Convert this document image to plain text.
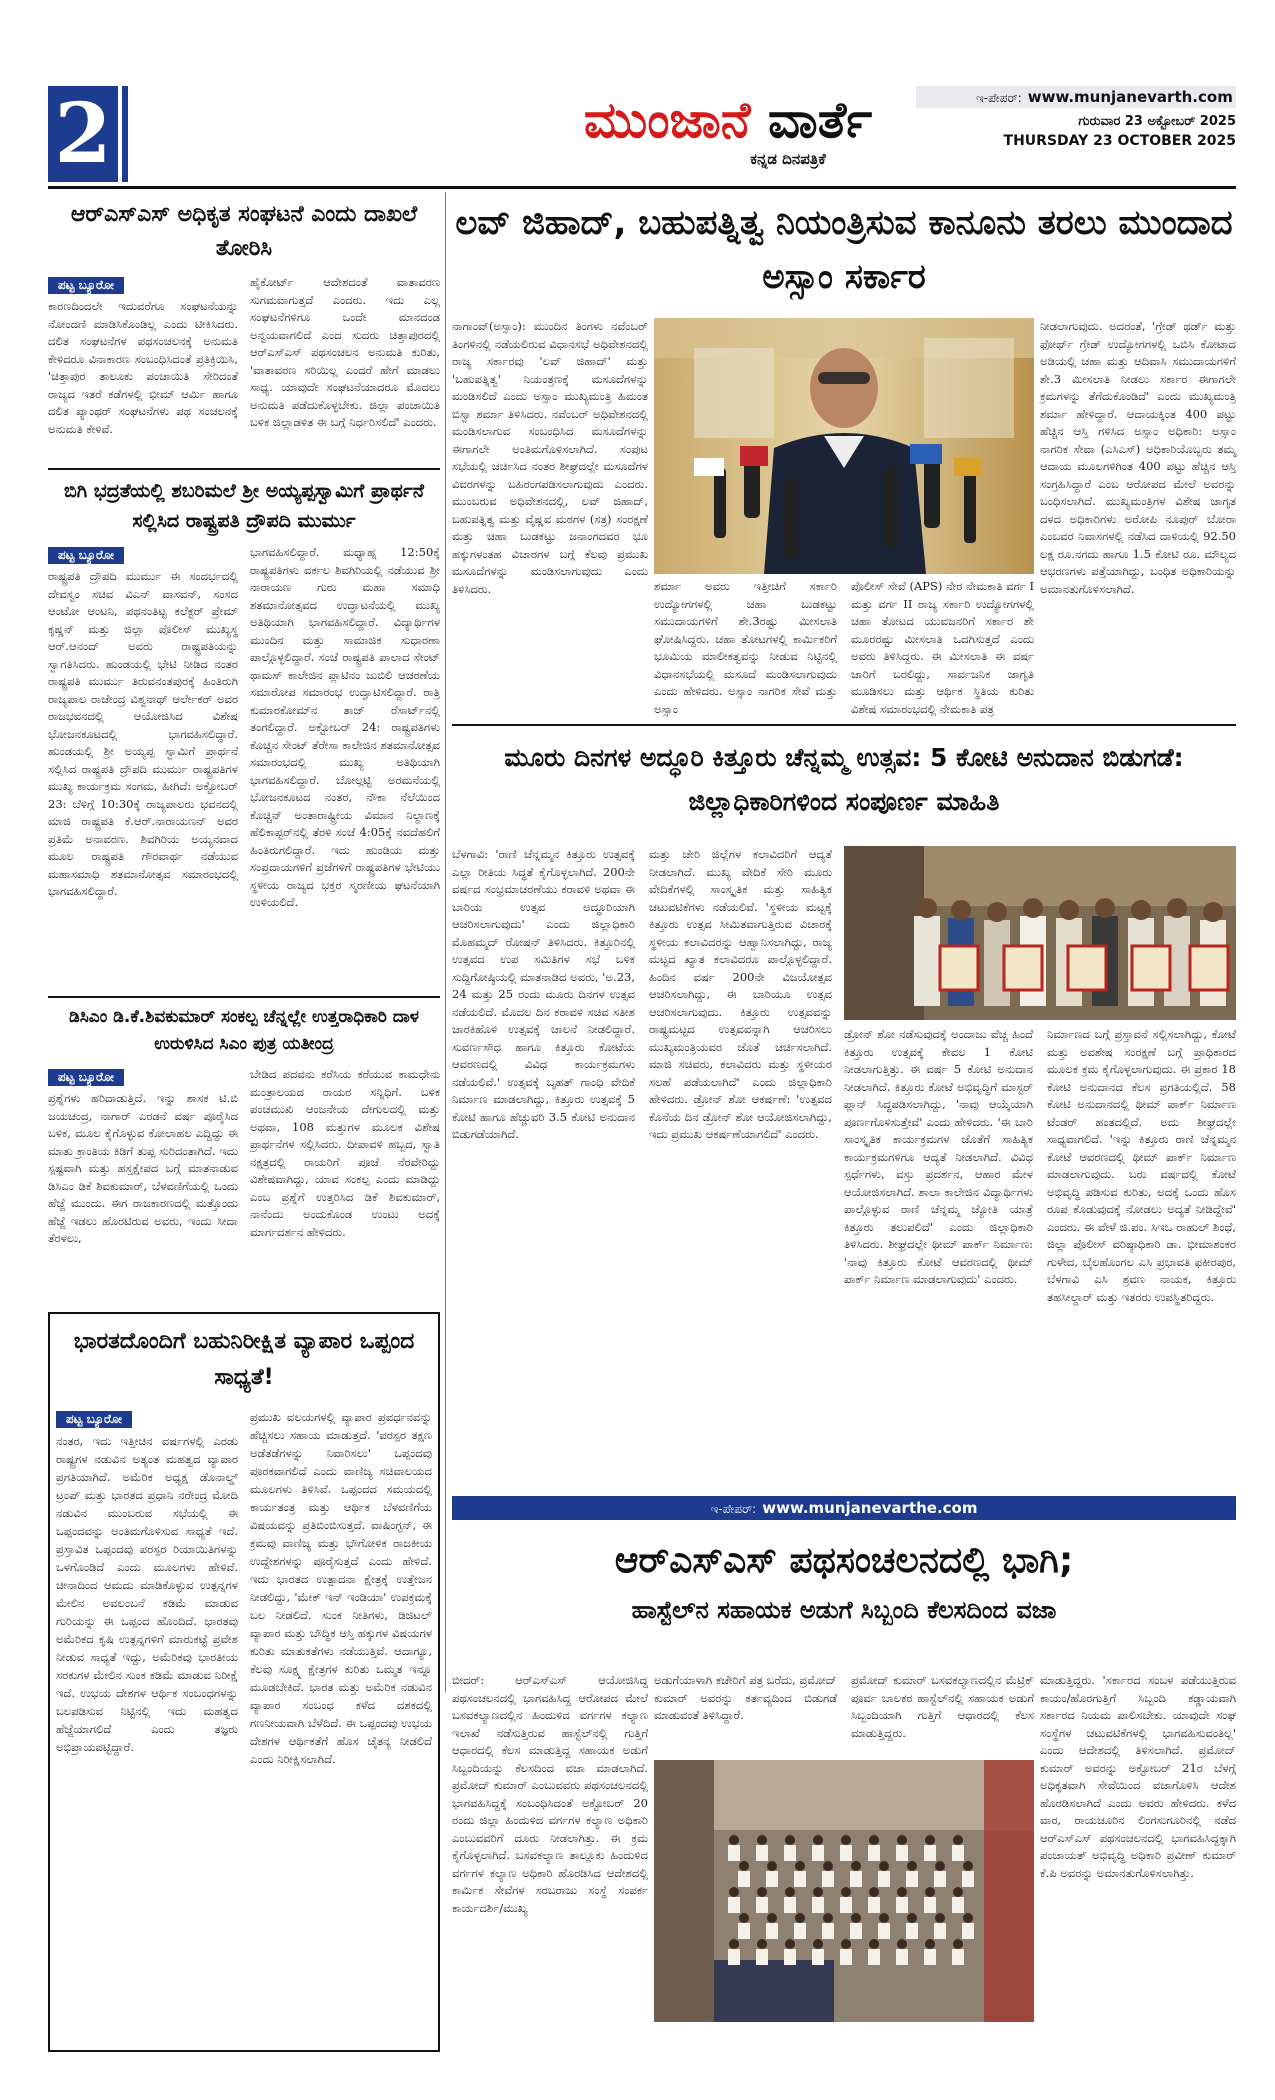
2	ಮುಂಜಾನೆ ವಾರ್ತೆ
ಕನ್ನಡ ದಿನಪತ್ರಿಕೆ
ಇ-ಪೇಪರ್: www.munjanevarth.com
ಗುರುವಾರ 23 ಅಕ್ಟೋಬರ್ 2025
THURSDAY 23 OCTOBER 2025
ಆರ್‌ಎಸ್‌ಎಸ್ ಅಧಿಕೃತ ಸಂಘಟನೆ ಎಂದು ದಾಖಲೆ ತೋರಿಸಿ
ಪಟ್ಟ ಬ್ಯೂರೋ
ಕಾರಣದಿಂದಲೇ ಇದುವರೆಗೂ ಸಂಘಟನೆಯನ್ನು ನೋಂದಣಿ ಮಾಡಿಸಿಕೊಂಡಿಲ್ಲ ಎಂದು ಟೀಕಿಸಿದರು. ದಲಿತ ಸಂಘಟನೆಗಳ ಪಥಸಂಚಲನಕ್ಕೆ ಅನುಮತಿ ಕೇಳಿದರೂ ವಿನಾಕಾರಣ ಸಂಬಂಧಿಸಿದಂತೆ ಪ್ರತಿಕ್ರಿಯಿಸಿ, 'ಚಿತ್ತಾಪುರ ತಾಲೂಕು ಪಂಚಾಯಿತಿ ಸೇರಿದಂತೆ ರಾಜ್ಯದ ಇತರೆ ಕಡೆಗಳಲ್ಲಿ ಭೀಮ್ ಆರ್ಮಿ ಹಾಗೂ ದಲಿತ ಪ್ಯಾಂಥರ್ ಸಂಘಟನೆಗಳು ಪಥ ಸಂಚಲನಕ್ಕೆ ಅನುಮತಿ ಕೇಳಿವೆ.
ಹೈಕೋರ್ಟ್ ಆದೇಶದಂತೆ ವಾತಾವರಣ ಸುಗಮವಾಗುತ್ತದೆ ಎಂದರು. ಇದು ಎಲ್ಲ ಸಂಘಟನೆಗಳಿಗೂ ಒಂದೇ ಮಾನದಂಡ ಅನ್ವಯವಾಗಲಿದೆ ಎಂದ ಸುದರು ಚಿತ್ತಾಪುರದಲ್ಲಿ ಆರ್‌ಎಸ್‌ಎಸ್ ಪಥಸಂಚಲನ ಅನುಮತಿ ಕುರಿತು, 'ವಾತಾವರಣ ಸರಿಯಿಲ್ಲ ಎಂದರೆ ಹೇಗೆ ಮಾಡಲು ಸಾಧ್ಯ. ಯಾವುದೇ ಸಂಘಟನೆಯಾದರೂ ಮೊದಲು ಅನುಮತಿ ಪಡೆದುಕೊಳ್ಳಬೇಕು. ಜಿಲ್ಲಾ ಪಂಚಾಯಿತಿ ಬಳಿಕ ಜಿಲ್ಲಾಡಳಿತ ಈ ಬಗ್ಗೆ ನಿರ್ಧರಿಸಲಿದೆ' ಎಂದರು.
ಬಿಗಿ ಭದ್ರತೆಯಲ್ಲಿ ಶಬರಿಮಲೆ ಶ್ರೀ ಅಯ್ಯಪ್ಪಸ್ವಾಮಿಗೆ ಪ್ರಾರ್ಥನೆ ಸಲ್ಲಿಸಿದ ರಾಷ್ಟ್ರಪತಿ ದ್ರೌಪದಿ ಮುರ್ಮು
ಪಟ್ಟ ಬ್ಯೂರೋ
ರಾಷ್ಟ್ರಪತಿ ದ್ರೌಪದಿ ಮುರ್ಮು ಈ ಸಂದರ್ಭದಲ್ಲಿ ದೇವಸ್ವಂ ಸಚಿವ ವಿಎನ್ ವಾಸವನ್, ಸಂಸದ ಆಂಟೋ ಆಂಟನಿ, ಪಥನಂತಿಟ್ಟ ಕಲೆಕ್ಟರ್ ಪ್ರೇಮ್ ಕೃಷ್ಣನ್ ಮತ್ತು ಜಿಲ್ಲಾ ಪೊಲೀಸ್ ಮುಖ್ಯಸ್ಥ ಆರ್.ಆನಂದ್ ಅವರು ರಾಷ್ಟ್ರಪತಿಯನ್ನು ಸ್ವಾಗತಿಸಿದರು. ಹುಂಡಯಲ್ಲಿ ಭೇಟಿ ನೀಡಿದ ನಂತರ ರಾಷ್ಟ್ರಪತಿ ಮುರ್ಮು ತಿರುವನಂತಪುರಕ್ಕೆ ಹಿಂತಿರುಗಿ ರಾಜ್ಯಪಾಲ ರಾಜೇಂದ್ರ ವಿಶ್ವನಾಥ್ ಆರ್ಲೇಕರ್ ಅವರ ರಾಜಭವನದಲ್ಲಿ ಆಯೋಜಿಸಿದ ವಿಶೇಷ ಭೋಜನಕೂಟದಲ್ಲಿ ಭಾಗವಹಿಸಲಿದ್ದಾರೆ. ಹುಂಡಯಲ್ಲಿ ಶ್ರೀ ಅಯ್ಯಪ್ಪ ಸ್ವಾಮಿಗೆ ಪ್ರಾರ್ಥನೆ ಸಲ್ಲಿಸಿದ ರಾಷ್ಟ್ರಪತಿ ದ್ರೌಪದಿ ಮುರ್ಮು ರಾಷ್ಟ್ರಪತಿಗಳ ಮುಖ್ಯ ಕಾರ್ಯಕ್ರಮ ಸಂಗಮ, ಹೀಗಿದೆ: ಅಕ್ಟೋಬರ್ 23: ಬೆಳಿಗ್ಗೆ 10:30ಕ್ಕೆ ರಾಜ್ಯಪಾಲರು ಭವನದಲ್ಲಿ ಮಾಜಿ ರಾಷ್ಟ್ರಪತಿ ಕೆ.ಆರ್.ನಾರಾಯಣನ್ ಅವರ ಪ್ರತಿಮೆ ಅನಾವರಣ. ಶಿವಗಿರಿಯ ಅಯ್ಯನವಾದ ಮೂಲ ರಾಷ್ಟ್ರಪತಿ ಗೌರವಾರ್ಥ ನಡೆಯುವ ಮಹಾಸಮಾಧಿ ಶತಮಾನೋತ್ಸವ ಸಮಾರಂಭದಲ್ಲಿ ಭಾಗವಹಿಸಲಿದ್ದಾರೆ.
ಭಾಗವಹಿಸಲಿದ್ದಾರೆ. ಮಧ್ಯಾಹ್ನ 12:50ಕ್ಕೆ ರಾಷ್ಟ್ರಪತಿಗಳು ವರ್ಕಲ ಶಿವಗಿರಿಯಲ್ಲಿ ನಡೆಯುವ ಶ್ರೀ ನಾರಾಯಣ ಗುರು ಮಹಾ ಸಮಾಧಿ ಶತಮಾನೋತ್ಸವದ ಉದ್ಘಾಟನೆಯಲ್ಲಿ ಮುಖ್ಯ ಅತಿಥಿಯಾಗಿ ಭಾಗವಹಿಸಲಿದ್ದಾರೆ. ವಿದ್ಯಾರ್ಥಿಗಳ ಮುಂದಿನ ಮತ್ತು ಸಾಮಾಜಿಕ ಸುಧಾರಣಾ ಪಾಲ್ಗೊಳ್ಳಲಿದ್ದಾರೆ. ಸಂಜೆ ರಾಷ್ಟ್ರಪತಿ ಪಾಲಾದ ಸೇಂಟ್ ಥಾಮಸ್ ಕಾಲೇಜಿನ ಪ್ಲಾಟಿನಂ ಜುಬಿಲಿ ಆಚರಣೆಯ ಸಮಾರೋಪ ಸಮಾರಂಭ ಉದ್ಘಾಟಿಸಲಿದ್ದಾರೆ. ರಾತ್ರಿ ಕುಮಾರಕೋಮ್‌ನ ತಾಜ್ ರೆಸಾರ್ಟ್‌ನಲ್ಲಿ ತಂಗಲಿದ್ದಾರೆ. ಅಕ್ಟೋಬರ್ 24: ರಾಷ್ಟ್ರಪತಿಗಳು ಕೊಚ್ಚಿನ ಸೇಂಟ್ ತೆರೇಸಾ ಕಾಲೇಜಿನ ಶತಮಾನೋತ್ಸವ ಸಮಾರಂಭದಲ್ಲಿ ಮುಖ್ಯ ಅತಿಥಿಯಾಗಿ ಭಾಗವಹಿಸಲಿದ್ದಾರೆ. ಬೋಲ್ಗಟ್ಟಿ ಅರಮನೆಯಲ್ಲಿ ಭೋಜನಕೂಟದ ನಂತರ, ನೌಕಾ ನೆಲೆಯಿಂದ ಕೊಚ್ಚಿನ್ ಅಂತಾರಾಷ್ಟ್ರೀಯ ವಿಮಾನ ನಿಲ್ದಾಣಕ್ಕೆ ಹೆಲಿಕಾಪ್ಟರ್‌ನಲ್ಲಿ ತೆರಳಿ ಸಂಜೆ 4:05ಕ್ಕೆ ನವದೆಹಲಿಗೆ ಹಿಂತಿರುಗಲಿದ್ದಾರೆ. ಇದು ಹುಂಡಿಯ ಮತ್ತು ಸಂಪ್ರದಾಯಗಳಿಗೆ ಪ್ರಜೆಗಳಿಗೆ ರಾಷ್ಟ್ರಪತಿಗಳ ಭೇಟಿಯು ಸ್ಥಳೀಯ ರಾಜ್ಯದ ಭಕ್ತರ ಸ್ಮರಣೀಯ ಘಟನೆಯಾಗಿ ಉಳಿಯಲಿದೆ.
ಡಿಸಿಎಂ ಡಿ.ಕೆ.ಶಿವಕುಮಾರ್ ಸಂಕಲ್ಪ ಚೆನ್ನಲ್ಲೇ ಉತ್ತರಾಧಿಕಾರಿ ದಾಳ ಉರುಳಿಸಿದ ಸಿಎಂ ಪುತ್ರ ಯತೀಂದ್ರ
ಪಟ್ಟ ಬ್ಯೂರೋ
ಪ್ರಶ್ನೆಗಳು ಹರಿದಾಡುತ್ತಿದೆ. ಇನ್ನು ಶಾಸಕ ಟಿ.ಬಿ ಜಯಚಂದ್ರ, ನಾಗಾರ್ ಎರಡನೆ ವರ್ಷ ಪೂರೈಸಿದ ಬಳಿಕ, ಮೂಲ ಕೈಗೊಳ್ಳುವ ಕೋಲಾಹಲ ಎದ್ದಿದ್ದು ಈ ಮಾತು ಕ್ರಾಂತಿಯ ಕಿಡಿಗೆ ತುಪ್ಪ ಸುರಿದಂತಾಗಿದೆ. ಇದು ಸ್ಪಷ್ಟವಾಗಿ ಮತ್ತು ಹಸ್ತಕ್ಷೇಪದ ಬಗ್ಗೆ ಮಾತನಾಡುವ ಡಿಸಿಎಂ ಡಿಕೆ ಶಿವಕುಮಾರ್, ಬೆಳವಣಿಗೆಯಲ್ಲಿ ಒಂದು ಹೆಜ್ಜೆ ಮುಂದು. ಈಗ ರಾಜಕಾರಣದಲ್ಲಿ ಮತ್ತೊಂದು ಹೆಜ್ಜೆ ಇಡಲು ಹೊರಟಿರುವ ಅವರು, ಇಂದು ಸೀದಾ ತೆರಳಲು,
ಬೇಡಿದ ಪದವನು ಕರೆಸಿಯ ಕರೆಯುವ ಕಾಮಧೇನು ಮಂತ್ರಾಲಯದ ರಾಯರ ಸನ್ನಿಧಿಗೆ. ಬಳಿಕ ಪಂಚಮುಖಿ ಆಂಜನೇಯ ದೇಗುಲದಲ್ಲಿ ಮತ್ತು ಅಥವಾ, 108 ಮತ್ತುಗಳ ಮೂಲಕ ವಿಶೇಷ ಪ್ರಾರ್ಥನೆಗಳ ಸಲ್ಲಿಸಿದರು. ದೀಪಾವಳಿ ಹಬ್ಬದ, ಸ್ವಾತಿ ನಕ್ಷತ್ರದಲ್ಲಿ ರಾಯರಿಗೆ ಪೂಜೆ ನೆರವೇರಿದ್ದು ವಿಶೇಷವಾಗಿದ್ದು, ಯಾವ ಸಂಕಲ್ಪ ಎಂದು ಮಾಡಿದ್ದು ಎಂಬ ಪ್ರಶ್ನೆಗೆ ಉತ್ತರಿಸಿದ ಡಿಕೆ ಶಿವಕುಮಾರ್, ನಾನೆಂದು ಅಂದುಕೊಂಡ ಉಂಟು ಅದಕ್ಕೆ ಮಾರ್ಗದರ್ಶನ ಹೇಳಿದರು.
ಭಾರತದೊಂದಿಗೆ ಬಹುನಿರೀಕ್ಷಿತ ವ್ಯಾಪಾರ ಒಪ್ಪಂದ ಸಾಧ್ಯತೆ!
ಪಟ್ಟ ಬ್ಯೂರೋ
ನಂತರ, ಇದು ಇತ್ತೀಚಿನ ವರ್ಷಗಳಲ್ಲಿ ಎರಡು ರಾಷ್ಟ್ರಗಳ ನಡುವಿನ ಅತ್ಯಂತ ಮಹತ್ವದ ವ್ಯಾಪಾರ ಪ್ರಗತಿಯಾಗಿದೆ. ಅಮೆರಿಕ ಅಧ್ಯಕ್ಷ ಡೊನಾಲ್ಡ್ ಟ್ರಂಪ್ ಮತ್ತು ಭಾರತದ ಪ್ರಧಾನಿ ನರೇಂದ್ರ ಮೋದಿ ನಡುವಿನ ಮುಂಬರುವ ಸಭೆಯಲ್ಲಿ ಈ ಒಪ್ಪಂದವನ್ನು ಅಂತಿಮಗೊಳಿಸುವ ಸಾಧ್ಯತೆ ಇದೆ. ಪ್ರಸ್ತಾವಿತ ಒಪ್ಪಂದವು ಪರಸ್ಪರ ರಿಯಾಯಿತಿಗಳನ್ನು ಒಳಗೊಂಡಿದೆ ಎಂದು ಮೂಲಗಳು ಹೇಳಿವೆ. ಚೀನಾದಿಂದ ಆಮದು ಮಾಡಿಕೊಳ್ಳುವ ಉತ್ಪನ್ನಗಳ ಮೇಲಿನ ಅವಲಂಬನೆ ಕಡಿಮೆ ಮಾಡುವ ಗುರಿಯನ್ನು ಈ ಒಪ್ಪಂದ ಹೊಂದಿದೆ. ಭಾರತವು ಅಮೆರಿಕದ ಕೃಷಿ ಉತ್ಪನ್ನಗಳಿಗೆ ಮಾರುಕಟ್ಟೆ ಪ್ರವೇಶ ನೀಡುವ ಸಾಧ್ಯತೆ ಇದ್ದು, ಅಮೆರಿಕವು ಭಾರತೀಯ ಸರಕುಗಳ ಮೇಲಿನ ಸುಂಕ ಕಡಿಮೆ ಮಾಡುವ ನಿರೀಕ್ಷೆ ಇದೆ. ಉಭಯ ದೇಶಗಳ ಆರ್ಥಿಕ ಸಂಬಂಧಗಳನ್ನು ಬಲಪಡಿಸುವ ನಿಟ್ಟಿನಲ್ಲಿ ಇದು ಮಹತ್ವದ ಹೆಜ್ಜೆಯಾಗಲಿದೆ ಎಂದು ತಜ್ಞರು ಅಭಿಪ್ರಾಯಪಟ್ಟಿದ್ದಾರೆ.
ಪ್ರಮುಖ ವಲಯಗಳಲ್ಲಿ ವ್ಯಾಪಾರ ಪ್ರವರ್ಧನವನ್ನು ಹೆಚ್ಚಿಸಲು ಸಹಾಯ ಮಾಡುತ್ತದೆ. 'ಪರಸ್ಪರ ತಕ್ಷಣ ಅಡೆತಡೆಗಳನ್ನು ನಿವಾರಿಸಲು' ಒಪ್ಪಂದವು ಪೂರಕವಾಗಲಿದೆ ಎಂದು ವಾಣಿಜ್ಯ ಸಚಿವಾಲಯದ ಮೂಲಗಳು ತಿಳಿಸಿವೆ. ಒಪ್ಪಂದದ ಸಮಯದಲ್ಲಿ ಕಾರ್ಯತಂತ್ರ ಮತ್ತು ಆರ್ಥಿಕ ಬೆಳವಣಿಗೆಯ ವಿಷಯವನ್ನು ಪ್ರತಿಬಿಂಬಿಸುತ್ತದೆ. ವಾಷಿಂಗ್ಟನ್, ಈ ಕ್ರಮವು ವಾಣಿಜ್ಯ ಮತ್ತು ಭೌಗೋಳಿಕ ರಾಜಕೀಯ ಉದ್ದೇಶಗಳನ್ನು ಪೂರೈಸುತ್ತದೆ ಎಂದು ಹೇಳಿದೆ. ಇದು ಭಾರತದ ಉತ್ಪಾದನಾ ಕ್ಷೇತ್ರಕ್ಕೆ ಉತ್ತೇಜನ ನೀಡಲಿದ್ದು, 'ಮೇಕ್ ಇನ್ ಇಂಡಿಯಾ' ಉಪಕ್ರಮಕ್ಕೆ ಬಲ ನೀಡಲಿದೆ. ಸುಂಕ ನೀತಿಗಳು, ಡಿಜಿಟಲ್ ವ್ಯಾಪಾರ ಮತ್ತು ಬೌದ್ಧಿಕ ಆಸ್ತಿ ಹಕ್ಕುಗಳ ವಿಷಯಗಳ ಕುರಿತು ಮಾತುಕತೆಗಳು ನಡೆಯುತ್ತಿವೆ. ಆದಾಗ್ಯೂ, ಕೆಲವು ಸೂಕ್ಷ್ಮ ಕ್ಷೇತ್ರಗಳ ಕುರಿತು ಒಮ್ಮತ ಇನ್ನೂ ಮೂಡಬೇಕಿದೆ. ಭಾರತ ಮತ್ತು ಅಮೆರಿಕ ನಡುವಿನ ವ್ಯಾಪಾರ ಸಂಬಂಧ ಕಳೆದ ದಶಕದಲ್ಲಿ ಗಣನೀಯವಾಗಿ ಬೆಳೆದಿದೆ. ಈ ಒಪ್ಪಂದವು ಉಭಯ ದೇಶಗಳ ಆರ್ಥಿಕತೆಗೆ ಹೊಸ ಚೈತನ್ಯ ನೀಡಲಿದೆ ಎಂದು ನಿರೀಕ್ಷಿಸಲಾಗಿದೆ.
ಲವ್ ಜಿಹಾದ್, ಬಹುಪತ್ನಿತ್ವ ನಿಯಂತ್ರಿಸುವ ಕಾನೂನು ತರಲು ಮುಂದಾದ ಅಸ್ಸಾಂ ಸರ್ಕಾರ
ನಾಗಾಂವ್(ಅಸ್ಸಾಂ): ಮುಂದಿನ ತಿಂಗಳು ನವೆಂಬರ್ ತಿಂಗಳಿನಲ್ಲಿ ನಡೆಯಲಿರುವ ವಿಧಾನಸಭೆ ಅಧಿವೇಶನದಲ್ಲಿ ರಾಜ್ಯ ಸರ್ಕಾರವು 'ಲವ್ ಜಿಹಾದ್' ಮತ್ತು 'ಬಹುಪತ್ನಿತ್ವ' ನಿಯಂತ್ರಣಕ್ಕೆ ಮಸೂದೆಗಳನ್ನು ಮಂಡಿಸಲಿದೆ ಎಂದು ಅಸ್ಸಾಂ ಮುಖ್ಯಮಂತ್ರಿ ಹಿಮಂತ ಬಿಸ್ವಾ ಶರ್ಮಾ ತಿಳಿಸಿದರು. ನವೆಂಬರ್ ಅಧಿವೇಶನದಲ್ಲಿ ಮಂಡಿಸಲಾಗುವ ಸಂಬಂಧಿಸಿದ ಮಸೂದೆಗಳನ್ನು ಈಗಾಗಲೇ ಅಂತಿಮಗೊಳಿಸಲಾಗಿದೆ. ಸಂಪುಟ ಸಭೆಯಲ್ಲಿ ಚರ್ಚಿಸಿದ ನಂತರ ಶೀಘ್ರದಲ್ಲೇ ಮಸೂದೆಗಳ ವಿವರಗಳನ್ನು ಬಹಿರಂಗಪಡಿಸಲಾಗುವುದು ಎಂದರು. ಮುಂಬರುವ ಅಧಿವೇಶನದಲ್ಲಿ, ಲವ್ ಜಿಹಾದ್, ಬಹುಪತ್ನಿತ್ವ ಮತ್ತು ವೈಷ್ಣವ ಮಠಗಳ (ಸತ್ರ) ಸಂರಕ್ಷಣೆ ಮತ್ತು ಚಹಾ ಬುಡಕಟ್ಟು ಜನಾಂಗದವರ ಭೂ ಹಕ್ಕುಗಳಂತಹ ವಿಚಾರಗಳ ಬಗ್ಗೆ ಕೆಲವು ಪ್ರಮುಖ ಮಸೂದೆಗಳನ್ನು ಮಂಡಿಸಲಾಗುವುದು ಎಂದು ತಿಳಿಸಿದರು.	ಶರ್ಮಾ ಅವರು ಇತ್ತೀಚಿಗೆ ಸರ್ಕಾರಿ ಉದ್ಯೋಗಗಳಲ್ಲಿ ಚಹಾ ಬುಡಕಟ್ಟು ಸಮುದಾಯಗಳಿಗೆ ಶೇ.3ರಷ್ಟು ಮೀಸಲಾತಿ ಘೋಷಿಸಿದ್ದರು. ಚಹಾ ತೋಟಗಳಲ್ಲಿ ಕಾರ್ಮಿಕರಿಗೆ ಭೂಮಿಯ ಮಾಲೀಕತ್ವವನ್ನು ನೀಡುವ ನಿಟ್ಟಿನಲ್ಲಿ ವಿಧಾನಸಭೆಯಲ್ಲಿ ಮಸೂದೆ ಮಂಡಿಸಲಾಗುವುದು ಎಂದು ಹೇಳಿದರು. ಅಸ್ಸಾಂ ನಾಗರಿಕ ಸೇವೆ ಮತ್ತು ಅಸ್ಸಾಂ
ಪೊಲೀಸ್ ಸೇವೆ (APS) ನೇರ ನೇಮಕಾತಿ ವರ್ಗ I ಮತ್ತು ವರ್ಗ II ರಾಜ್ಯ ಸರ್ಕಾರಿ ಉದ್ಯೋಗಗಳಲ್ಲಿ ಚಹಾ ತೋಟದ ಯುವಜನರಿಗೆ ಸರ್ಕಾರ ಶೇ ಮೂರರಷ್ಟು ಮೀಸಲಾತಿ ಒದಗಿಸುತ್ತದೆ ಎಂದು ಅವರು ತಿಳಿಸಿದ್ದರು. ಈ ಮೀಸಲಾತಿ ಈ ವರ್ಷ ಜಾರಿಗೆ ಬರಲಿದ್ದು, ಸಾರ್ವಜನಿಕ ಜಾಗೃತಿ ಮೂಡಿಸಲು ಮತ್ತು ಆರ್ಥಿಕ ಸ್ಥಿತಿಯ ಕುರಿತು ವಿಶೇಷ ಸಮಾರಂಭದಲ್ಲಿ ನೇಮಕಾತಿ ಪತ್ರ
ನೀಡಲಾಗುವುದು. ಅದರಂತೆ, 'ಗ್ರೇಡ್ ಥರ್ಡ್ ಮತ್ತು ಫೋರ್ಥ್ ಗ್ರೇಡ್ ಉದ್ಯೋಗಗಳಲ್ಲಿ ಒಬಿಸಿ ಕೋಟಾದ ಅಡಿಯಲ್ಲಿ ಚಹಾ ಮತ್ತು ಆದಿವಾಸಿ ಸಮುದಾಯಗಳಿಗೆ ಶೇ.3 ಮೀಸಲಾತಿ ನೀಡಲು ಸರ್ಕಾರ ಈಗಾಗಲೇ ಕ್ರಮಗಳನ್ನು ತೆಗೆದುಕೊಂಡಿದೆ' ಎಂದು ಮುಖ್ಯಮಂತ್ರಿ ಶರ್ಮಾ ಹೇಳಿದ್ದಾರೆ. ಆದಾಯಕ್ಕಿಂತ 400 ಪಟ್ಟು ಹೆಚ್ಚಿನ ಆಸ್ತಿ ಗಳಿಸಿದ ಅಸ್ಸಾಂ ಅಧಿಕಾರಿ: ಅಸ್ಸಾಂ ನಾಗರಿಕ ಸೇವಾ (ಎಸಿಎಸ್) ಅಧಿಕಾರಿಯೊಬ್ಬರು ತಮ್ಮ ಆದಾಯ ಮೂಲಗಳಿಗಿಂತ 400 ಪಟ್ಟು ಹೆಚ್ಚಿನ ಆಸ್ತಿ ಸಂಗ್ರಹಿಸಿದ್ದಾರೆ ಎಂಬ ಆರೋಪದ ಮೇಲೆ ಅವರನ್ನು ಬಂಧಿಸಲಾಗಿದೆ. ಮುಖ್ಯಮಂತ್ರಿಗಳ ವಿಶೇಷ ಜಾಗೃತ ದಳದ ಅಧಿಕಾರಿಗಳು ಅರೋಪಿ ನೂಪುರ್ ಬೋರಾ ಎಂಬವರ ನಿವಾಸಗಳಲ್ಲಿ ನಡೆಸಿದ ದಾಳಿಯಲ್ಲಿ 92.50 ಲಕ್ಷ ರೂ.ನಗದು ಹಾಗೂ 1.5 ಕೋಟಿ ರೂ. ಮೌಲ್ಯದ ಆಭರಣಗಳು ಪತ್ತೆಯಾಗಿದ್ದು, ಬಂಧಿತ ಅಧಿಕಾರಿಯನ್ನು ಅಮಾನತುಗೊಳಿಸಲಾಗಿದೆ.
ಮೂರು ದಿನಗಳ ಅದ್ಧೂರಿ ಕಿತ್ತೂರು ಚೆನ್ನಮ್ಮ ಉತ್ಸವ: 5 ಕೋಟಿ ಅನುದಾನ ಬಿಡುಗಡೆ: ಜಿಲ್ಲಾಧಿಕಾರಿಗಳಿಂದ ಸಂಪೂರ್ಣ ಮಾಹಿತಿ
ಬೆಳಗಾವಿ: 'ರಾಣಿ ಚೆನ್ನಮ್ಮನ ಕಿತ್ತೂರು ಉತ್ಸವಕ್ಕೆ ಎಲ್ಲಾ ರೀತಿಯ ಸಿದ್ಧತೆ ಕೈಗೊಳ್ಳಲಾಗಿದೆ. 200ನೇ ವರ್ಷದ ಸಂಭ್ರಮಾಚರಣೆಯು ಕರಾವಳಿ ಅಥವಾ ಈ ಬಾರಿಯ ಉತ್ಸವ ಅದ್ಧೂರಿಯಾಗಿ ಆಚರಿಸಲಾಗುವುದು' ಎಂದು ಜಿಲ್ಲಾಧಿಕಾರಿ ಮೊಹಮ್ಮದ್ ರೋಷನ್ ತಿಳಿಸಿದರು. ಕಿತ್ತೂರಿನಲ್ಲಿ ಉತ್ಸವದ ಉಪ ಸಮಿತಿಗಳ ಸಭೆ ಬಳಿಕ ಸುದ್ದಿಗೋಷ್ಠಿಯಲ್ಲಿ ಮಾತನಾಡಿದ ಅವರು, 'ಅ.23, 24 ಮತ್ತು 25 ರಂದು ಮೂರು ದಿನಗಳ ಉತ್ಸವ ನಡೆಯಲಿದೆ. ಮೊದಲ ದಿನ ಕರಾವಳಿ ಸಚಿವ ಸತೀಶ ಜಾರಕಿಹೊಳಿ ಉತ್ಸವಕ್ಕೆ ಚಾಲನೆ ನೀಡಲಿದ್ದಾರೆ. ಸುವರ್ಣಸೌಧ ಹಾಗೂ ಕಿತ್ತೂರು ಕೋಟೆಯ ಆವರಣದಲ್ಲಿ ವಿವಿಧ ಕಾರ್ಯಕ್ರಮಗಳು ನಡೆಯಲಿವೆ.' ಉತ್ಸವಕ್ಕೆ ಬೃಹತ್ ಗಾಂಧಿ ವೇದಿಕೆ ನಿರ್ಮಾಣ ಮಾಡಲಾಗಿದ್ದು, ಕಿತ್ತೂರು ಉತ್ಸವಕ್ಕೆ 5 ಕೋಟಿ ಹಾಗೂ ಹೆಚ್ಚುವರಿ 3.5 ಕೋಟಿ ಅನುದಾನ ಬಿಡುಗಡೆಯಾಗಿದೆ.
ಮತ್ತು ಚೇರಿ ಜಿಲ್ಲೆಗಳ ಕಲಾವಿದರಿಗೆ ಆದ್ಯತೆ ನೀಡಲಾಗಿದೆ. ಮುಖ್ಯ ವೇದಿಕೆ ಸೇರಿ ಮೂರು ವೇದಿಕೆಗಳಲ್ಲಿ ಸಾಂಸ್ಕೃತಿಕ ಮತ್ತು ಸಾಹಿತ್ಯಿಕ ಚಟುವಟಿಕೆಗಳು ನಡೆಯಲಿವೆ. 'ಸ್ಥಳೀಯ ಮಟ್ಟಕ್ಕೆ ಕಿತ್ತೂರು ಉತ್ಸವ ಸೀಮಿತವಾಗುತ್ತಿರುವ ವಿಚಾರಕ್ಕೆ ಸ್ಥಳೀಯ ಕಲಾವಿದರನ್ನು ಆಹ್ವಾನಿಸಲಾಗಿದ್ದು, ರಾಜ್ಯ ಮಟ್ಟದ ಖ್ಯಾತ ಕಲಾವಿದರೂ ಪಾಲ್ಗೊಳ್ಳಲಿದ್ದಾರೆ. ಹಿಂದಿನ ವರ್ಷ 200ನೇ ವಿಜಯೋತ್ಸವ ಆಚರಿಸಲಾಗಿದ್ದು, ಈ ಬಾರಿಯೂ ಉತ್ಸವ ಆಚರಿಸಲಾಗುವುದು. ಕಿತ್ತೂರು ಉತ್ಸವವನ್ನು ರಾಷ್ಟ್ರಮಟ್ಟದ ಉತ್ಸವವನ್ನಾಗಿ ಆಚರಿಸಲು ಮುಖ್ಯಮಂತ್ರಿಯವರ ಜೊತೆ ಚರ್ಚಿಸಲಾಗಿದೆ. ಮಾಜಿ ಸಚಿವರು, ಕಲಾವಿದರು ಮತ್ತು ಸ್ಥಳೀಯರ ಸಲಹೆ ಪಡೆಯಲಾಗಿದೆ' ಎಂದು ಜಿಲ್ಲಾಧಿಕಾರಿ ಹೇಳಿದರು. ಡ್ರೋನ್ ಶೋ ಆಕರ್ಷಣೆ: 'ಉತ್ಸವದ ಕೊನೆಯ ದಿನ ಡ್ರೋನ್ ಶೋ ಆಯೋಜಿಸಲಾಗಿದ್ದು, ಇದು ಪ್ರಮುಖ ಆಕರ್ಷಣೆಯಾಗಲಿದೆ' ಎಂದರು.
ಡ್ರೋನ್ ಶೋ ನಡೆಸುವುದಕ್ಕೆ ಅಂದಾಜು ವೆಚ್ಚ ಹಿಂದೆ ಕಿತ್ತೂರು ಉತ್ಸವಕ್ಕೆ ಕೇವಲ 1 ಕೋಟಿ ನೀಡಲಾಗುತ್ತಿತ್ತು. ಈ ವರ್ಷ 5 ಕೋಟಿ ಅನುದಾನ ನೀಡಲಾಗಿದೆ. ಕಿತ್ತೂರು ಕೋಟೆ ಅಭಿವೃದ್ಧಿಗೆ ಮಾಸ್ಟರ್ ಪ್ಲಾನ್ ಸಿದ್ಧಪಡಿಸಲಾಗಿದ್ದು, 'ನಾವು ಆಯ್ಕೆಯಾಗಿ ಪೂರ್ಣಗೊಳಿಸುತ್ತೇವೆ' ಎಂದು ಹೇಳಿದರು. 'ಈ ಬಾರಿ ಸಾಂಸ್ಕೃತಿಕ ಕಾರ್ಯಕ್ರಮಗಳ ಜೊತೆಗೆ ಸಾಹಿತ್ಯಿಕ ಕಾರ್ಯಕ್ರಮಗಳಿಗೂ ಆದ್ಯತೆ ನೀಡಲಾಗಿದೆ. ವಿವಿಧ ಸ್ಪರ್ಧೆಗಳು, ವಸ್ತು ಪ್ರದರ್ಶನ, ಆಹಾರ ಮೇಳ ಆಯೋಜಿಸಲಾಗಿದೆ. ಶಾಲಾ ಕಾಲೇಜಿನ ವಿದ್ಯಾರ್ಥಿಗಳು ಪಾಲ್ಗೊಳ್ಳುವ ರಾಣಿ ಚೆನ್ನಮ್ಮ ಜ್ಯೋತಿ ಯಾತ್ರೆ ಕಿತ್ತೂರು ತಲುಪಲಿದೆ' ಎಂದು ಜಿಲ್ಲಾಧಿಕಾರಿ ತಿಳಿಸಿದರು. ಶೀಘ್ರದಲ್ಲೇ ಥೀಮ್ ಪಾರ್ಕ್ ನಿರ್ಮಾಣ: 'ನಾವು ಕಿತ್ತೂರು ಕೋಟೆ ಆವರಣದಲ್ಲಿ ಥೀಮ್ ಪಾರ್ಕ್ ನಿರ್ಮಾಣ ಮಾಡಲಾಗುವುದು' ಎಂದರು.
ನಿರ್ಮಾಣದ ಬಗ್ಗೆ ಪ್ರಸ್ತಾವನೆ ಸಲ್ಲಿಸಲಾಗಿದ್ದು, ಕೋಟೆ ಮತ್ತು ಅವಶೇಷ ಸಂರಕ್ಷಣೆ ಬಗ್ಗೆ ಪ್ರಾಧಿಕಾರದ ಮೂಲಕ ಕ್ರಮ ಕೈಗೊಳ್ಳಲಾಗುವುದು. ಈ ಪ್ರಕಾರ 18 ಕೋಟಿ ಅನುದಾನದ ಕೆಲಸ ಪ್ರಗತಿಯಲ್ಲಿದೆ. 58 ಕೋಟಿ ಅನುದಾನದಲ್ಲಿ ಥೀಮ್ ಪಾರ್ಕ್ ನಿರ್ಮಾಣ ಟೆಂಡರ್ ಹಂತದಲ್ಲಿದೆ. ಅದು ಶೀಘ್ರದಲ್ಲೇ ಸಾಧ್ಯವಾಗಲಿದೆ. 'ಇನ್ನು ಕಿತ್ತೂರು ರಾಣಿ ಚೆನ್ನಮ್ಮನ ಕೋಟೆ ಆವರಣದಲ್ಲಿ ಥೀಮ್ ಪಾರ್ಕ್ ನಿರ್ಮಾಣ ಮಾಡಲಾಗುವುದು. ಬರು ವರ್ಷದಲ್ಲಿ ಕೋಟೆ ಅಭಿವೃದ್ಧಿ ಪಡಿಸುವ ಕುರಿತು, ಅದಕ್ಕೆ ಒಂದು ಹೊಸ ರೂಪ ಕೊಡುವುದಕ್ಕೆ ನೋಡಲು ಅದ್ಯತೆ ನೀಡಿದ್ದೇವೆ' ಎಂದರು. ಈ ವೇಳೆ ಜಿ.ಪಂ. ಸಿಇಒ ರಾಹುಲ್ ಶಿಂಧೆ, ಜಿಲ್ಲಾ ಪೊಲೀಸ್ ವರಿಷ್ಠಾಧಿಕಾರಿ ಡಾ. ಭೀಮಾಶಂಕರ ಗುಳೇದ, ಬೈಲಹೊಂಗಲ ಎಸಿ ಪ್ರಭಾವತಿ ಫಕೀರಪುರ, ಬೆಳಗಾವಿ ಎಸಿ ಶ್ರವಣ ನಾಯಕ, ಕಿತ್ತೂರು ತಹಸೀಲ್ದಾರ್ ಮತ್ತು ಇತರರು ಉಪಸ್ಥಿತರಿದ್ದರು.
ಇ-ಪೇಪರ್: www.munjanevarthe.com
ಆರ್‌ಎಸ್‌ಎಸ್ ಪಥಸಂಚಲನದಲ್ಲಿ ಭಾಗಿ;
ಹಾಸ್ಟೆಲ್‌ನ ಸಹಾಯಕ ಅಡುಗೆ ಸಿಬ್ಬಂದಿ ಕೆಲಸದಿಂದ ವಜಾ
ಬೀದರ್: ಆರ್‌ಎಸ್‌ಎಸ್ ಆಯೋಜಿಸಿದ್ದ ಪಥಸಂಚಲನದಲ್ಲಿ ಭಾಗವಹಿಸಿದ್ದ ಆರೋಪದ ಮೇಲೆ ಬಸವಕಲ್ಯಾಣದಲ್ಲಿನ ಹಿಂದುಳಿದ ವರ್ಗಗಳ ಕಲ್ಯಾಣ ಇಲಾಖೆ ನಡೆಸುತ್ತಿರುವ ಹಾಸ್ಟೆಲ್‌ನಲ್ಲಿ ಗುತ್ತಿಗೆ ಆಧಾರದಲ್ಲಿ ಕೆಲಸ ಮಾಡುತ್ತಿದ್ದ ಸಹಾಯಕ ಅಡುಗೆ ಸಿಬ್ಬಂದಿಯನ್ನು ಕೆಲಸದಿಂದ ವಜಾ ಮಾಡಲಾಗಿದೆ. ಪ್ರಮೋದ್ ಕುಮಾರ್ ಎಂಬುವವರು ಪಥಸಂಚಲನದಲ್ಲಿ ಭಾಗವಹಿಸಿದ್ದಕ್ಕೆ ಸಂಬಂಧಿಸಿದಂತೆ ಅಕ್ಟೋಬರ್ 20 ರಂದು ಜಿಲ್ಲಾ ಹಿಂದುಳಿದ ವರ್ಗಗಳ ಕಲ್ಯಾಣ ಅಧಿಕಾರಿ ಎಂಬುವವರಿಗೆ ದೂರು ನೀಡಲಾಗಿತ್ತು. ಈ ಕ್ರಮ ಕೈಗೊಳ್ಳಲಾಗಿದೆ. ಬಸವಕಲ್ಯಾಣ ತಾಲ್ಲೂಕು ಹಿಂದುಳಿದ ವರ್ಗಗಳ ಕಲ್ಯಾಣ ಅಧಿಕಾರಿ ಹೊರಡಿಸಿದ ಆದೇಶದಲ್ಲಿ ಕಾರ್ಮಿಕ ಸೇವೆಗಳ ಸರಬರಾಜು ಸಂಸ್ಥೆ ಸಂಪರ್ಕ ಕಾರ್ಯದರ್ಶಿ/ಮುಖ್ಯ
ಅಡುಗೆಯಾಳಾಗಿ ಕಚೇರಿಗೆ ಪತ್ರ ಬರೆದು, ಪ್ರಮೋದ್ ಕುಮಾರ್ ಅವರನ್ನು ಕರ್ತವ್ಯದಿಂದ ಬಿಡುಗಡೆ ಮಾಡುವಂತೆ ತಿಳಿಸಿದ್ದಾರೆ.
ಪ್ರಮೋದ್ ಕುಮಾರ್ ಬಸವಕಲ್ಯಾಣದಲ್ಲಿನ ಮೆಟ್ರಿಕ್ ಪೂರ್ವ ಬಾಲಕರ ಹಾಸ್ಟೆಲ್‌ನಲ್ಲಿ ಸಹಾಯಕ ಅಡುಗೆ ಸಿಬ್ಬಂದಿಯಾಗಿ ಗುತ್ತಿಗೆ ಆಧಾರದಲ್ಲಿ ಕೆಲಸ ಮಾಡುತ್ತಿದ್ದರು.
ಮಾಡುತ್ತಿದ್ದರು. 'ಸರ್ಕಾರದ ಸಂಬಳ ಪಡೆಯುತ್ತಿರುವ ಕಾಯಂ/ಹೊರಗುತ್ತಿಗೆ ಸಿಬ್ಬಂದಿ ಕಡ್ಡಾಯವಾಗಿ ಸರ್ಕಾರದ ನಿಯಮ ಪಾಲಿಸಬೇಕು. ಯಾವುದೇ ಸಂಘ ಸಂಸ್ಥೆಗಳ ಚಟುವಟಿಕೆಗಳಲ್ಲಿ ಭಾಗವಹಿಸುವಂತಿಲ್ಲ' ಎಂದು ಆದೇಶದಲ್ಲಿ ತಿಳಿಸಲಾಗಿದೆ. ಪ್ರಮೋದ್ ಕುಮಾರ್ ಅವರನ್ನು ಅಕ್ಟೋಬರ್ 21ರ ಬೆಳಗ್ಗೆ ಅಧಿಕೃತವಾಗಿ ಸೇವೆಯಿಂದ ವಜಾಗೊಳಿಸಿ ಆದೇಶ ಹೊರಡಿಸಲಾಗಿದೆ ಎಂದು ಅವರು ಹೇಳಿದರು. ಕಳೆದ ವಾರ, ರಾಯಚೂರಿನ ಲಿಂಗಸುಗೂರಿನಲ್ಲಿ ನಡೆದ ಆರ್‌ಎಸ್‌ಎಸ್ ಪಥಸಂಚಲನದಲ್ಲಿ ಭಾಗವಹಿಸಿದ್ದಕ್ಕಾಗಿ ಪಂಚಾಯತ್ ಅಭಿವೃದ್ಧಿ ಅಧಿಕಾರಿ ಪ್ರವೀಣ್ ಕುಮಾರ್ ಕೆ.ಪಿ ಅವರನ್ನು ಅಮಾನತುಗೊಳಿಸಲಾಗಿತ್ತು.
